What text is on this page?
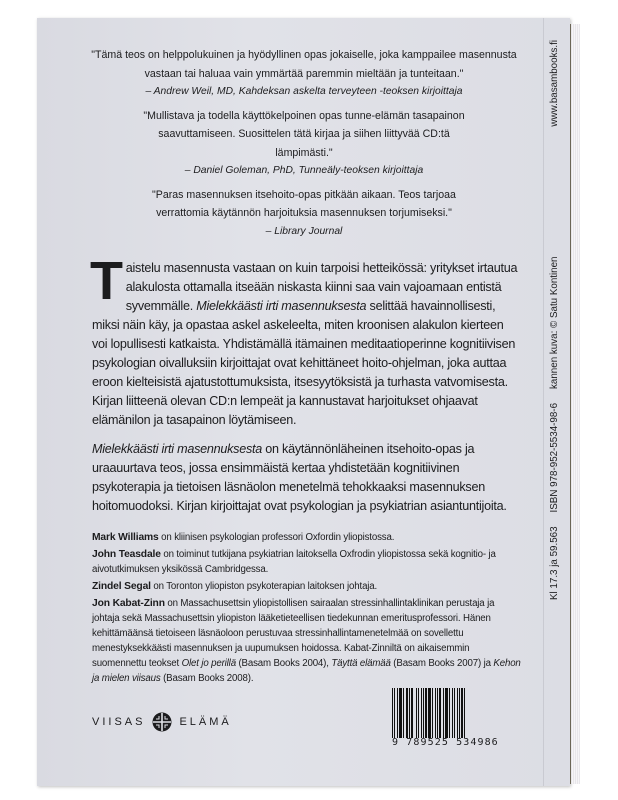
"Tämä teos on helppolukuinen ja hyödyllinen opas jokaiselle, joka kamppailee masennusta vastaan tai haluaa vain ymmärtää paremmin mieltään ja tunteitaan."
– Andrew Weil, MD, Kahdeksan askelta terveyteen -teoksen kirjoittaja
"Mullistava ja todella käyttökelpoinen opas tunne-elämän tasapainon saavuttamiseen. Suosittelen tätä kirjaa ja siihen liittyvää CD:tä lämpimästi."
– Daniel Goleman, PhD, Tunneäly-teoksen kirjoittaja
"Paras masennuksen itsehoito-opas pitkään aikaan. Teos tarjoaa verrattomia käytännön harjoituksia masennuksen torjumiseksi."
– Library Journal

Taistelu masennusta vastaan on kuin tarpoisi hetteikössä: yritykset irtautua alakulosta ottamalla itseään niskasta kiinni saa vain vajoamaan entistä syvemmälle. Mielekkäästi irti masennuksesta selittää havainnollisesti, miksi näin käy, ja opastaa askel askeleelta, miten kroonisen alakulon kierteen voi lopullisesti katkaista. Yhdistämällä itämainen meditaatioperinne kognitiivisen psykologian oivalluksiin kirjoittajat ovat kehittäneet hoito-ohjelman, joka auttaa eroon kielteisistä ajatustottumuksista, itsesyytöksistä ja turhasta vatvomisesta. Kirjan liitteenä olevan CD:n lempeät ja kannustavat harjoitukset ohjaavat elämänilon ja tasapainon löytämiseen.

Mielekkäästi irti masennuksesta on käytännönläheinen itsehoito-opas ja uraauurtava teos, jossa ensimmäistä kertaa yhdistetään kognitiivinen psykoterapia ja tietoisen läsnäolon menetelmä tehokkaaksi masennuksen hoitomuodoksi. Kirjan kirjoittajat ovat psykologian ja psykiatrian asiantuntijoita.

Mark Williams on kliinisen psykologian professori Oxfordin yliopistossa.

John Teasdale on toiminut tutkijana psykiatrian laitoksella Oxfrodin yliopistossa sekä kognitio- ja aivotutkimuksen yksikössä Cambridgessa.

Zindel Segal on Toronton yliopiston psykoterapian laitoksen johtaja.

Jon Kabat-Zinn on Massachusettsin yliopistollisen sairaalan stressinhallintaklinikan perustaja ja johtaja sekä Massachusettsin yliopiston lääketieteellisen tiedekunnan emeritusprofessori. Hänen kehittämäänsä tietoiseen läsnäoloon perustuvaa stressinhallintamenetelmää on sovellettu menestyksekkäästi masennuksen ja uupumuksen hoidossa. Kabat-Zinniltä on aikaisemmin suomennettu teokset Olet jo perillä (Basam Books 2004), Täyttä elämää (Basam Books 2007) ja Kehon ja mielen viisaus (Basam Books 2008).

VIISAS	ELÄMÄ
9 789525 534986
Kl 17.3 ja 59.563
ISBN 978-952-5534-98-6
kannen kuva: © Satu Kontinen
www.basambooks.fi
